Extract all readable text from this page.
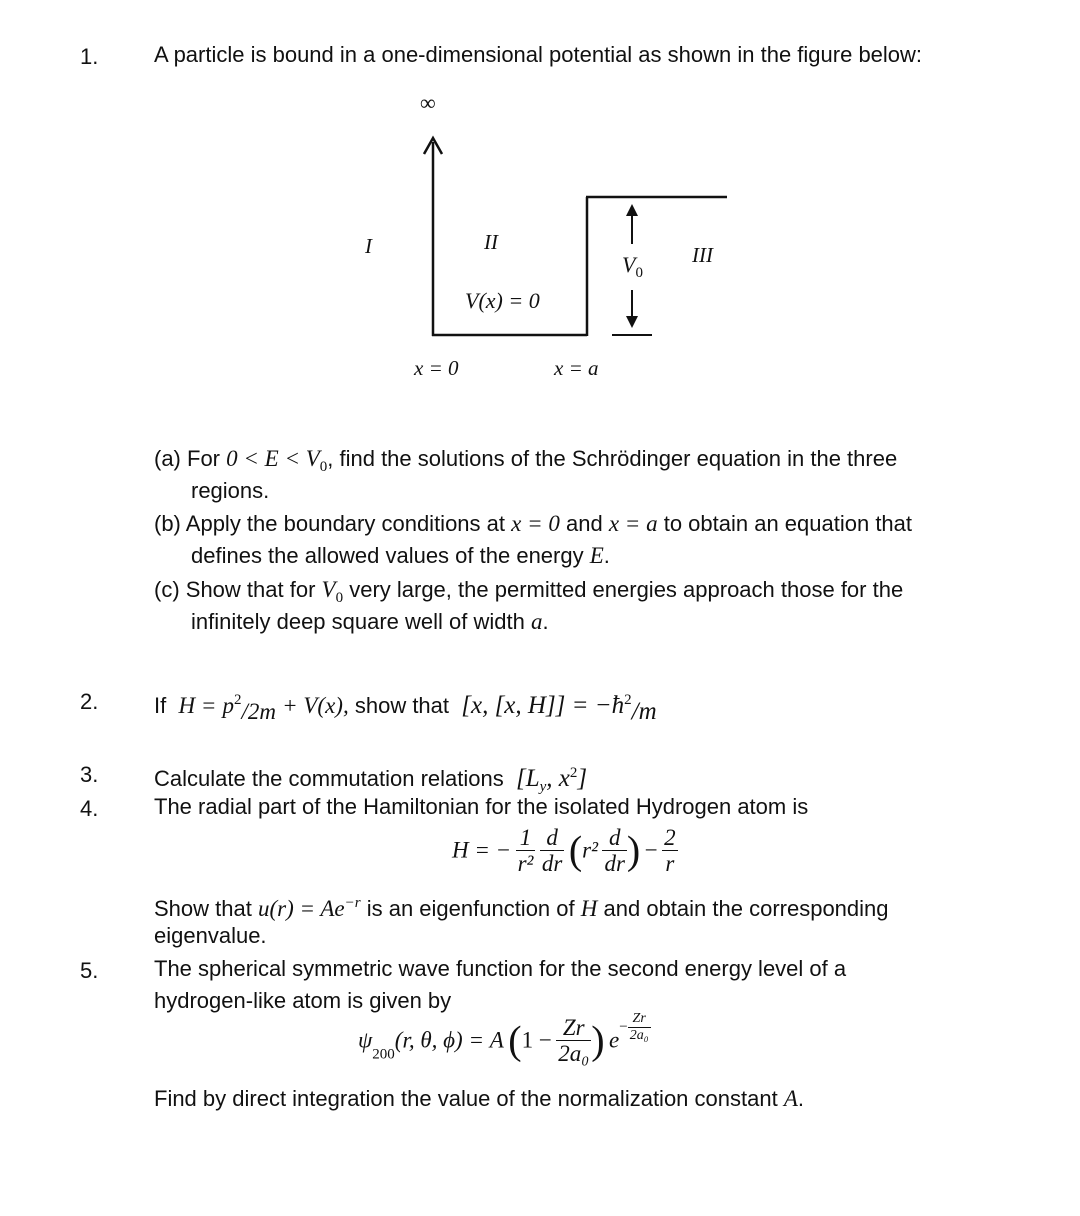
1.	A particle is bound in a one-dimensional potential as shown in the figure below:
∞
I	II
III
V(x) = 0
V0
x = 0	x = a
(a) For $0 < E < V_0$, find the solutions of the Schrödinger equation in the three
regions.
(b) Apply the boundary conditions at x = 0 and x = a to obtain an equation that
defines the allowed values of the energy E.
(c) Show that for $V_0$ very large, the permitted energies approach those for the
infinitely deep square well of width a.
2.	If $H = p^2/2m + V(x)$, show that [x, [x, $H]] = -ħ^2/m$
3.	Calculate the commutation relations [$L_y$, $x^2$]
4.	The radial part of the Hamiltonian for the isolated Hydrogen atom is
H = − $\frac{1}{\text{r²}}$
$\frac{d}{dr} (r^2 \frac{d}{dr}$ ) − $\frac{2}{r}$
Show that $u(r) = Ae^{-r}$ is an eigenfunction of H and obtain the corresponding
eigenvalue.
5.	The spherical symmetric wave function for the second energy level of a
hydrogen-like atom is given by
ψ200(r, θ, ϕ) = A ($1 - \frac{Zr}{\text{2a₀}}$ ) $e- \frac{Zr}{\text{2a₀}}$
Find by direct integration the value of the normalization constant A.
